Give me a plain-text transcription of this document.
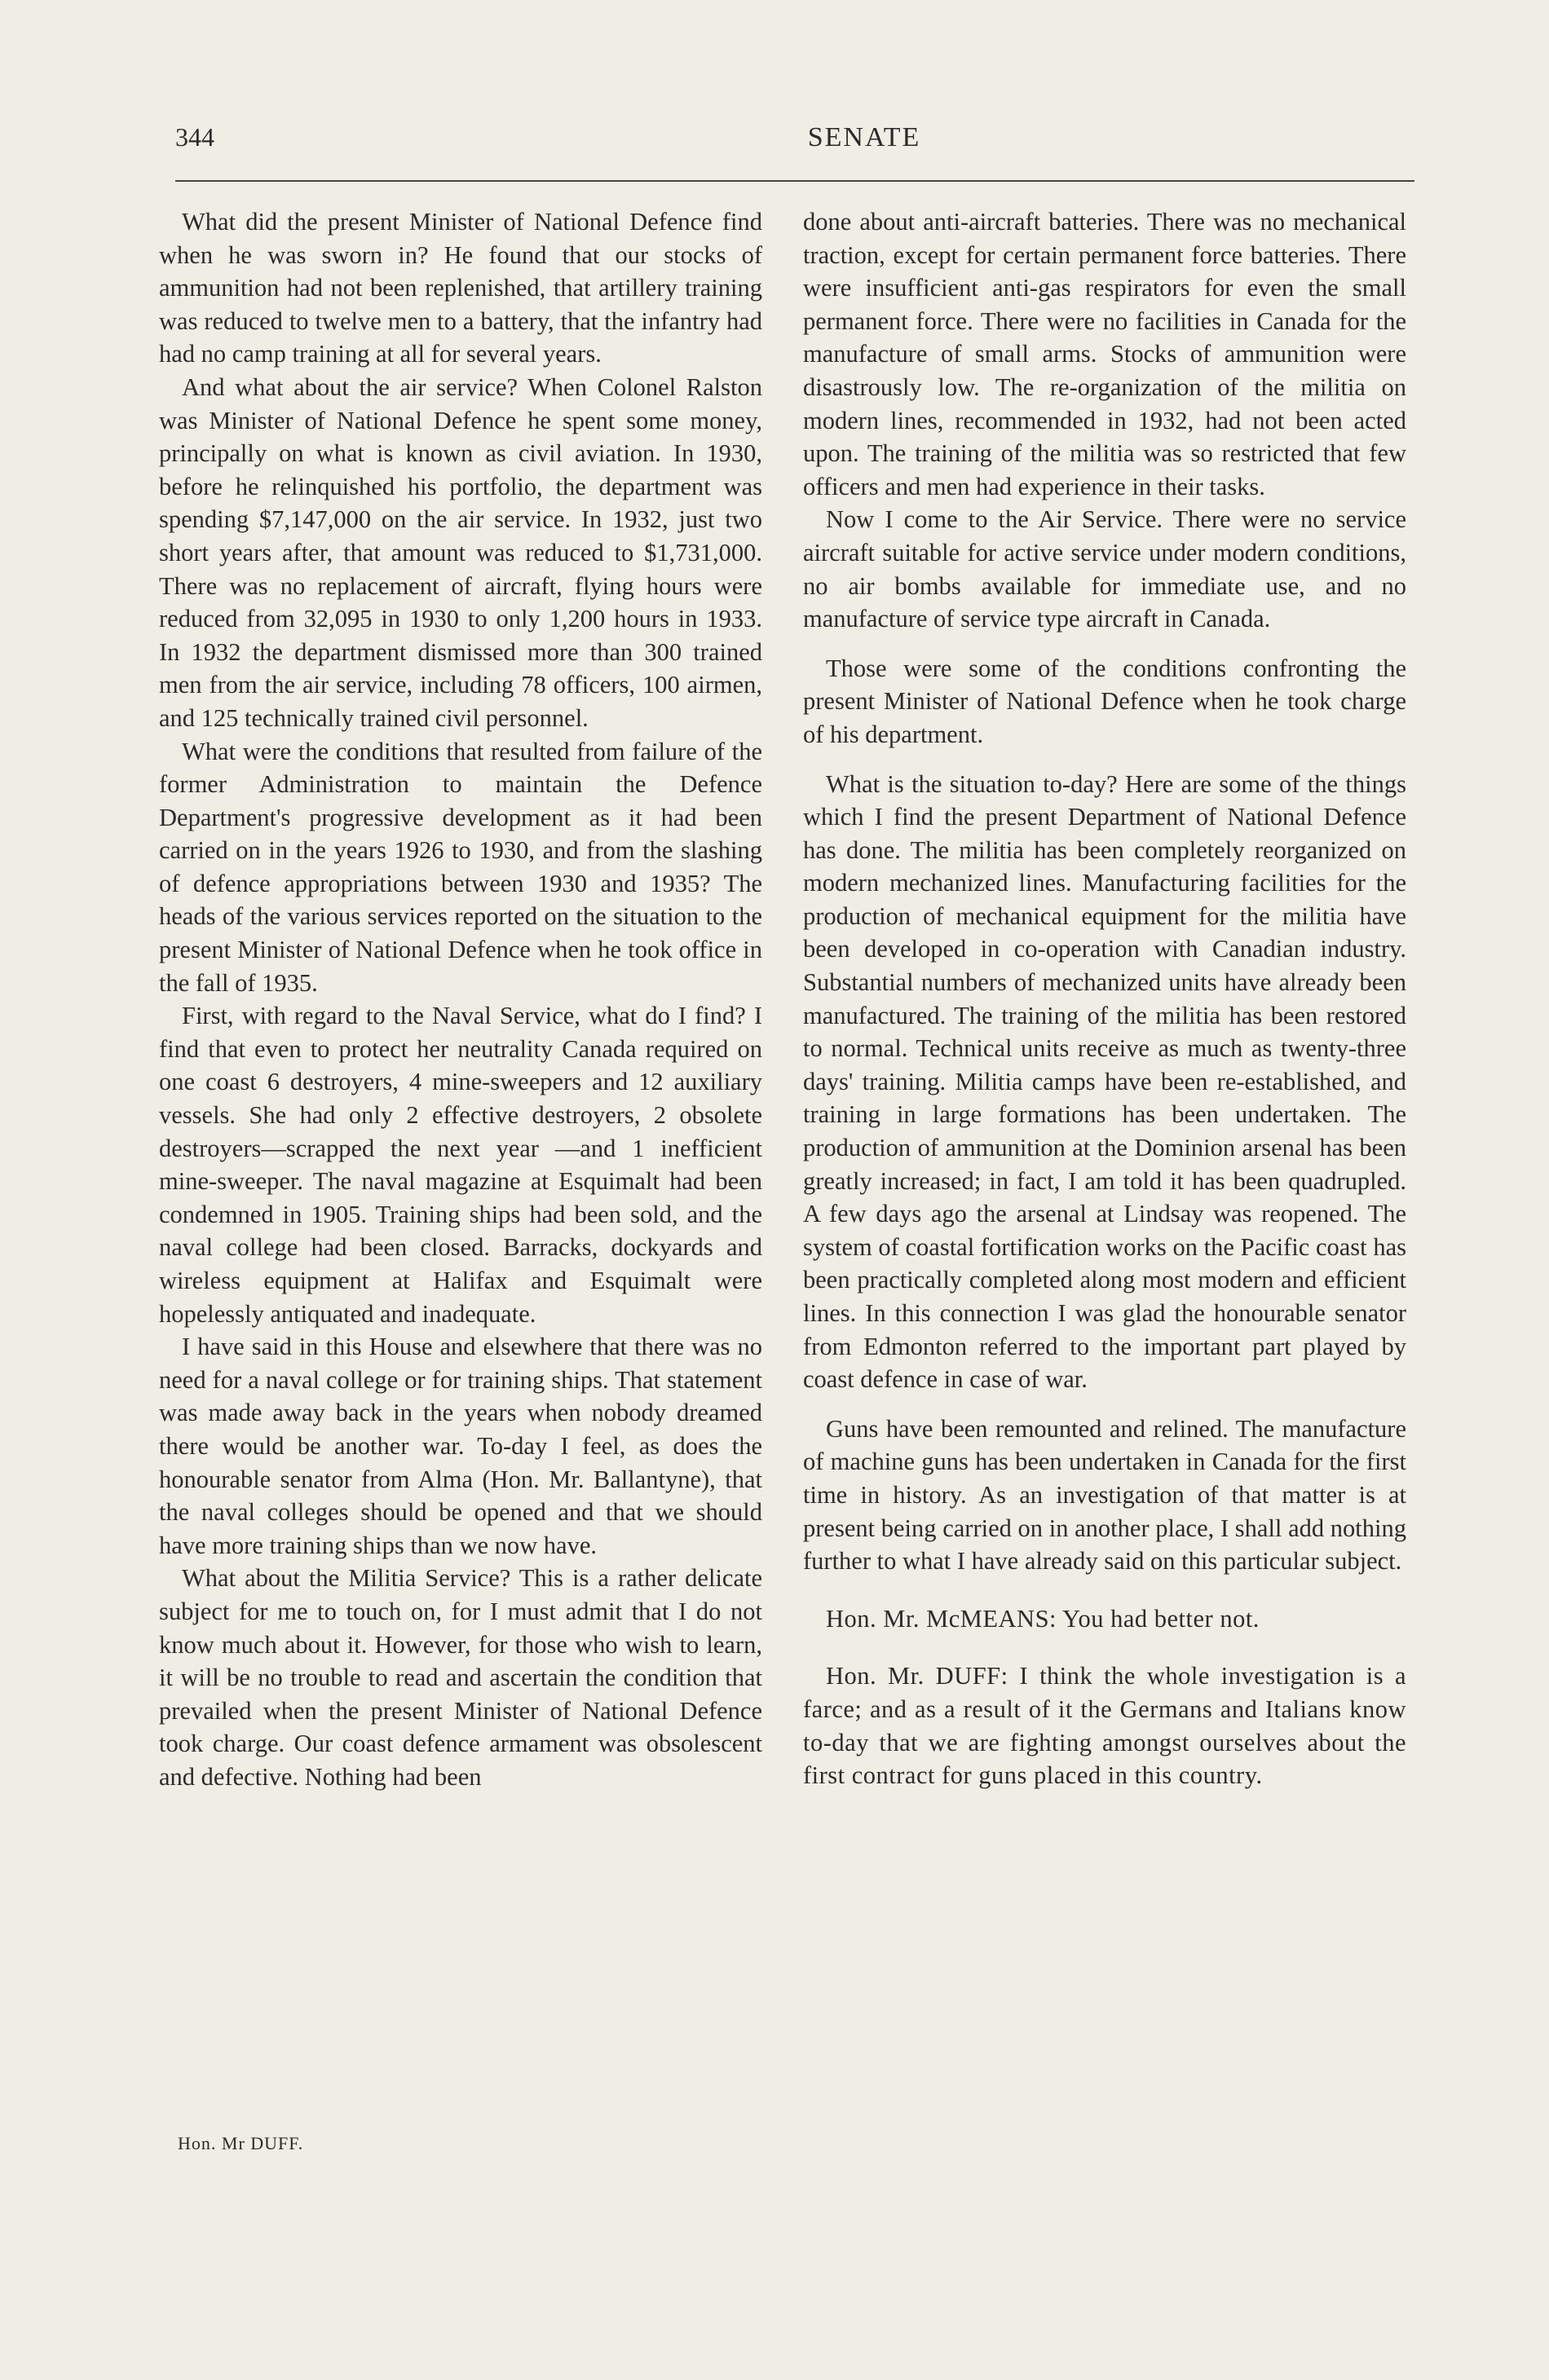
344	SENATE

What did the present Minister of National Defence find when he was sworn in? He found that our stocks of ammunition had not been replenished, that artillery training was reduced to twelve men to a battery, that the infantry had had no camp training at all for several years.

And what about the air service? When Colonel Ralston was Minister of National Defence he spent some money, principally on what is known as civil aviation. In 1930, before he relinquished his portfolio, the department was spending $7,147,000 on the air service. In 1932, just two short years after, that amount was reduced to $1,731,000. There was no replacement of aircraft, flying hours were reduced from 32,095 in 1930 to only 1,200 hours in 1933. In 1932 the department dismissed more than 300 trained men from the air service, including 78 officers, 100 airmen, and 125 technically trained civil personnel.

What were the conditions that resulted from failure of the former Administration to maintain the Defence Department's progressive development as it had been carried on in the years 1926 to 1930, and from the slashing of defence appropriations between 1930 and 1935? The heads of the various services reported on the situation to the present Minister of National Defence when he took office in the fall of 1935.

First, with regard to the Naval Service, what do I find? I find that even to protect her neutrality Canada required on one coast 6 destroyers, 4 mine-sweepers and 12 auxiliary vessels. She had only 2 effective destroyers, 2 obsolete destroyers—scrapped the next year —and 1 inefficient mine-sweeper. The naval magazine at Esquimalt had been condemned in 1905. Training ships had been sold, and the naval college had been closed. Barracks, dockyards and wireless equipment at Halifax and Esquimalt were hopelessly antiquated and inadequate.

I have said in this House and elsewhere that there was no need for a naval college or for training ships. That statement was made away back in the years when nobody dreamed there would be another war. To-day I feel, as does the honourable senator from Alma (Hon. Mr. Ballantyne), that the naval colleges should be opened and that we should have more training ships than we now have.

What about the Militia Service? This is a rather delicate subject for me to touch on, for I must admit that I do not know much about it. However, for those who wish to learn, it will be no trouble to read and ascertain the condition that prevailed when the present Minister of National Defence took charge. Our coast defence armament was obsolescent and defective. Nothing had been

done about anti-aircraft batteries. There was no mechanical traction, except for certain permanent force batteries. There were insufficient anti-gas respirators for even the small permanent force. There were no facilities in Canada for the manufacture of small arms. Stocks of ammunition were disastrously low. The re-organization of the militia on modern lines, recommended in 1932, had not been acted upon. The training of the militia was so restricted that few officers and men had experience in their tasks.

Now I come to the Air Service. There were no service aircraft suitable for active service under modern conditions, no air bombs available for immediate use, and no manufacture of service type aircraft in Canada.

Those were some of the conditions confronting the present Minister of National Defence when he took charge of his department.

What is the situation to-day? Here are some of the things which I find the present Department of National Defence has done. The militia has been completely reorganized on modern mechanized lines. Manufacturing facilities for the production of mechanical equipment for the militia have been developed in co-operation with Canadian industry. Substantial numbers of mechanized units have already been manufactured. The training of the militia has been restored to normal. Technical units receive as much as twenty-three days' training. Militia camps have been re-established, and training in large formations has been undertaken. The production of ammunition at the Dominion arsenal has been greatly increased; in fact, I am told it has been quadrupled. A few days ago the arsenal at Lindsay was reopened. The system of coastal fortification works on the Pacific coast has been practically completed along most modern and efficient lines. In this connection I was glad the honourable senator from Edmonton referred to the important part played by coast defence in case of war.

Guns have been remounted and relined. The manufacture of machine guns has been undertaken in Canada for the first time in history. As an investigation of that matter is at present being carried on in another place, I shall add nothing further to what I have already said on this particular subject.

Hon. Mr. McMEANS: You had better not.

Hon. Mr. DUFF: I think the whole investigation is a farce; and as a result of it the Germans and Italians know to-day that we are fighting amongst ourselves about the first contract for guns placed in this country.

Hon. Mr DUFF.
